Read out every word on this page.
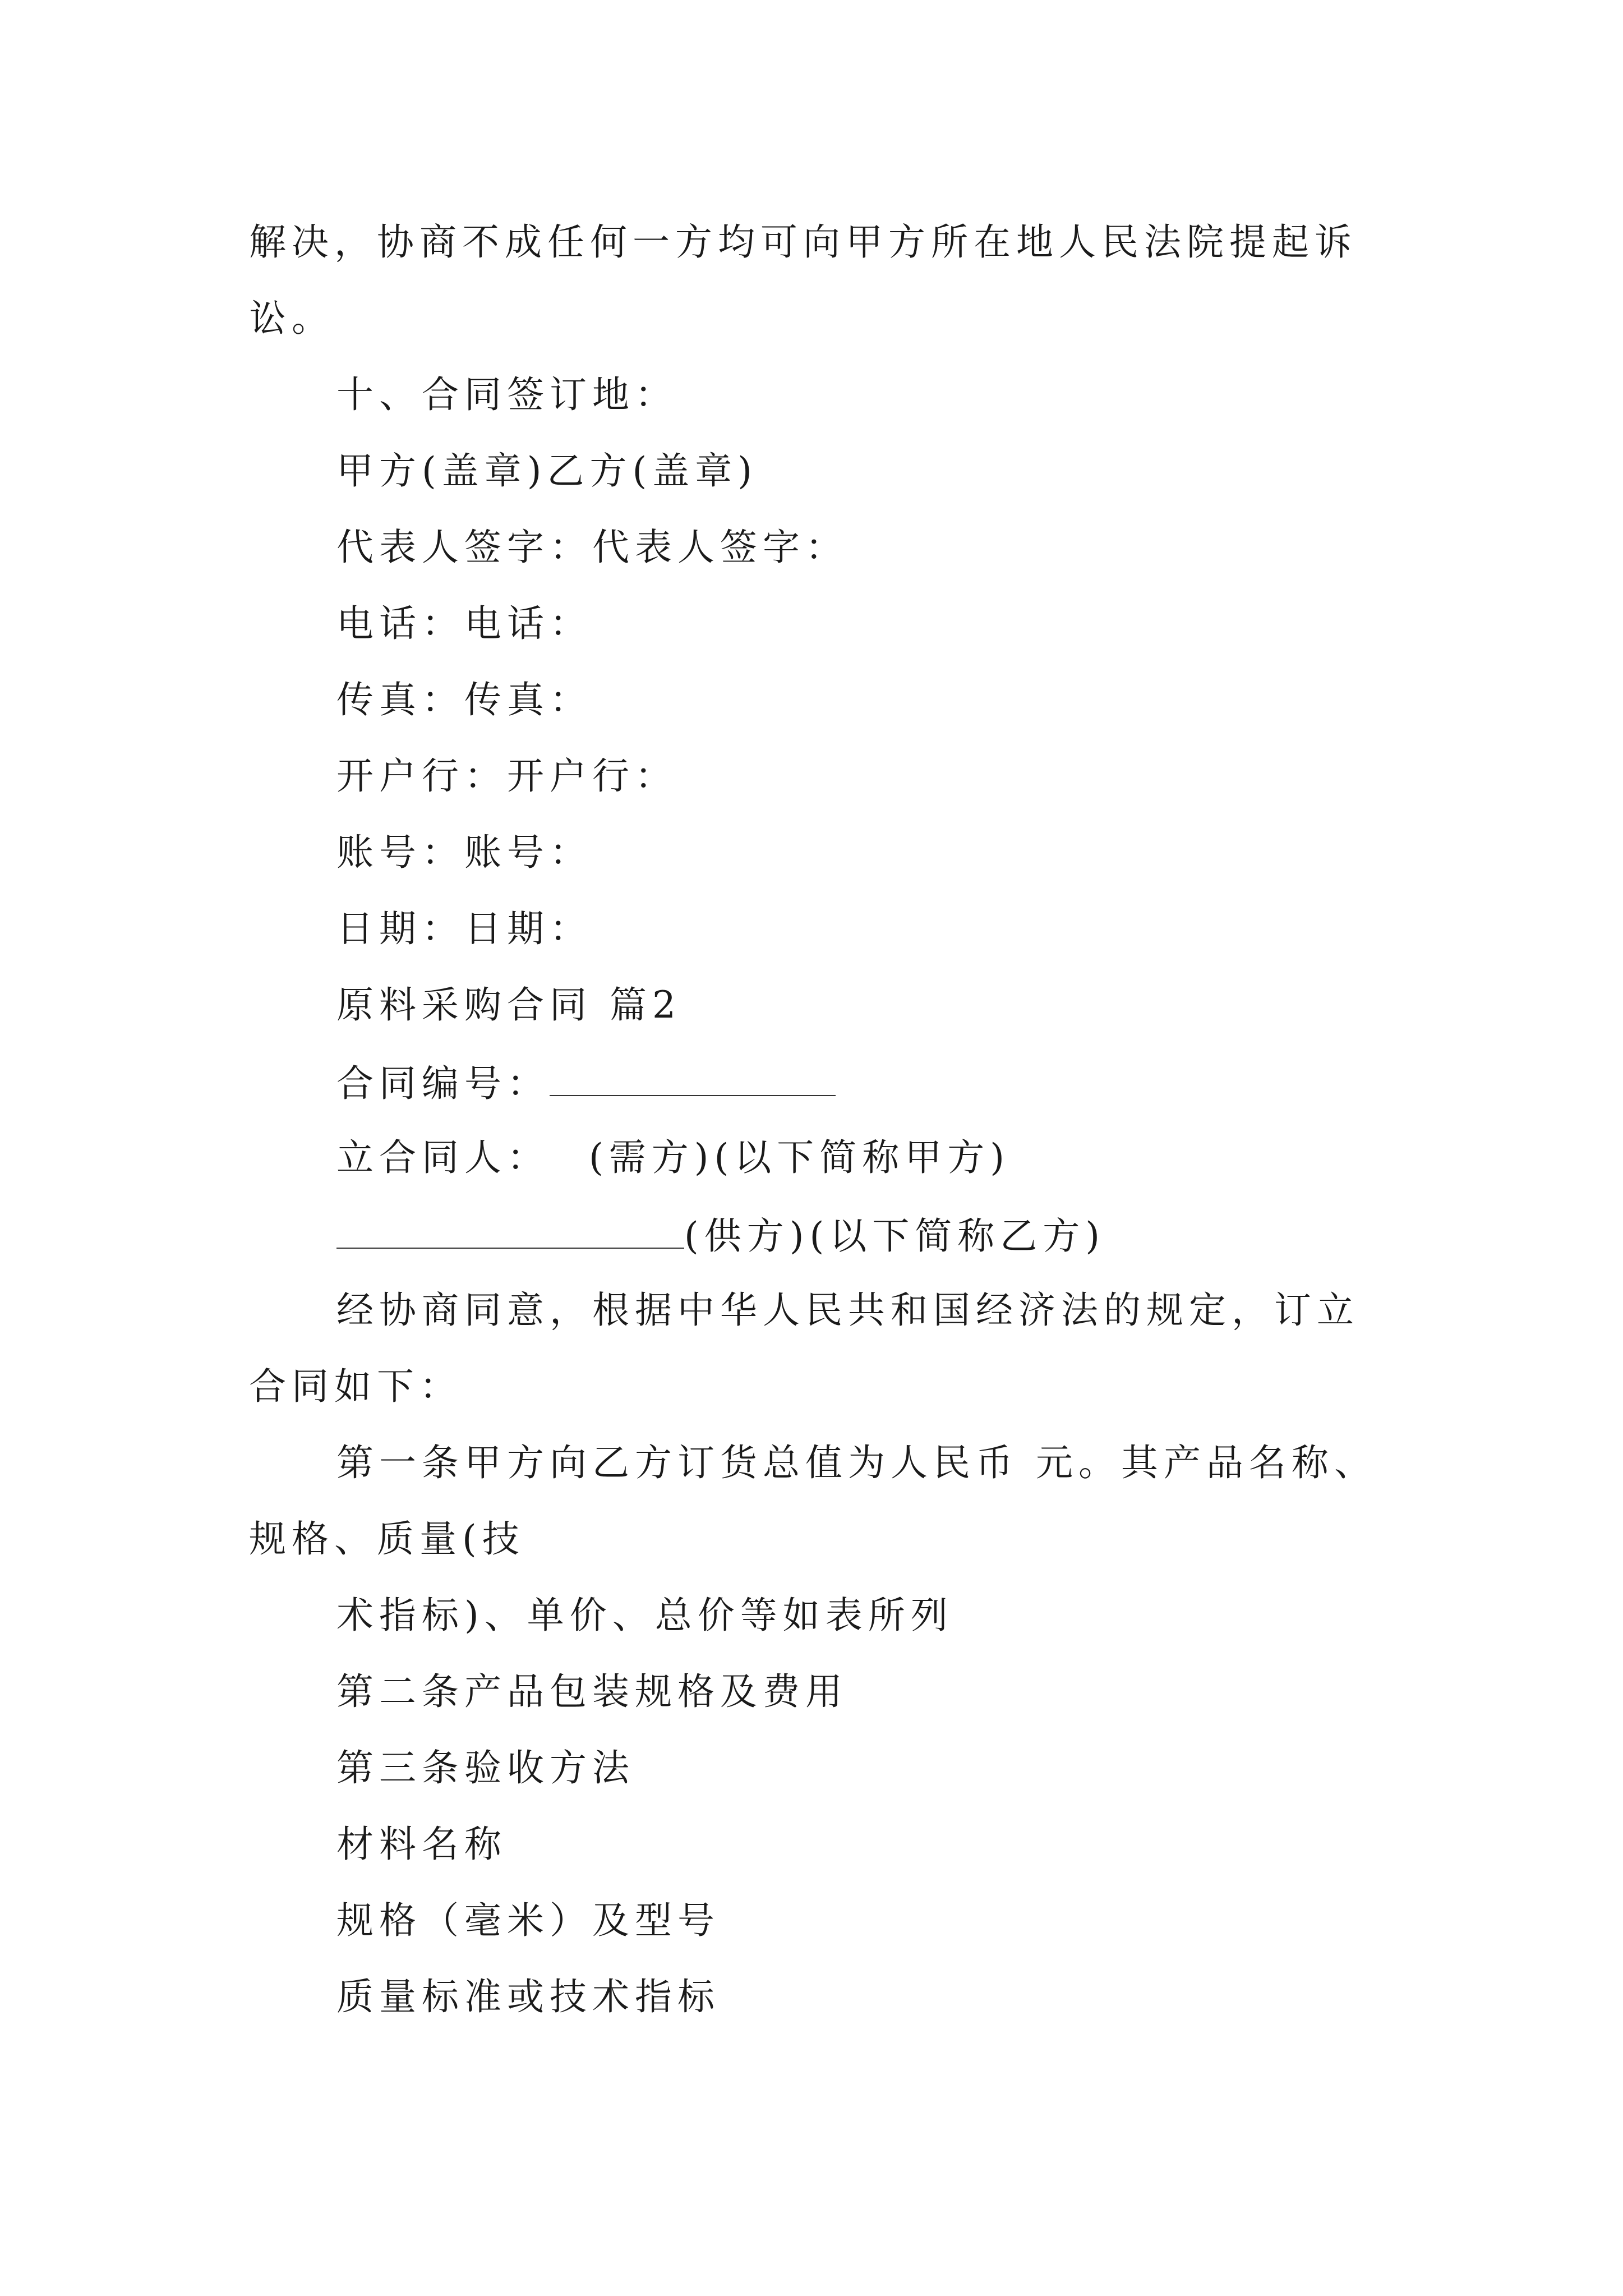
解决，协商不成任何一方均可向甲方所在地人民法院提起诉
讼。
十、合同签订地：
甲方(盖章)乙方(盖章)
代表人签字：代表人签字：
电话：电话：
传真：传真：
开户行：开户行：
账号：账号：
日期：日期：
原料采购合同 篇2
合同编号：
立合同人： (需方)(以下简称甲方)
(供方)(以下简称乙方)
经协商同意，根据中华人民共和国经济法的规定，订立
合同如下：
第一条甲方向乙方订货总值为人民币 元。其产品名称、
规格、质量(技
术指标)、单价、总价等如表所列
第二条产品包装规格及费用
第三条验收方法
材料名称
规格（毫米）及型号
质量标准或技术指标
